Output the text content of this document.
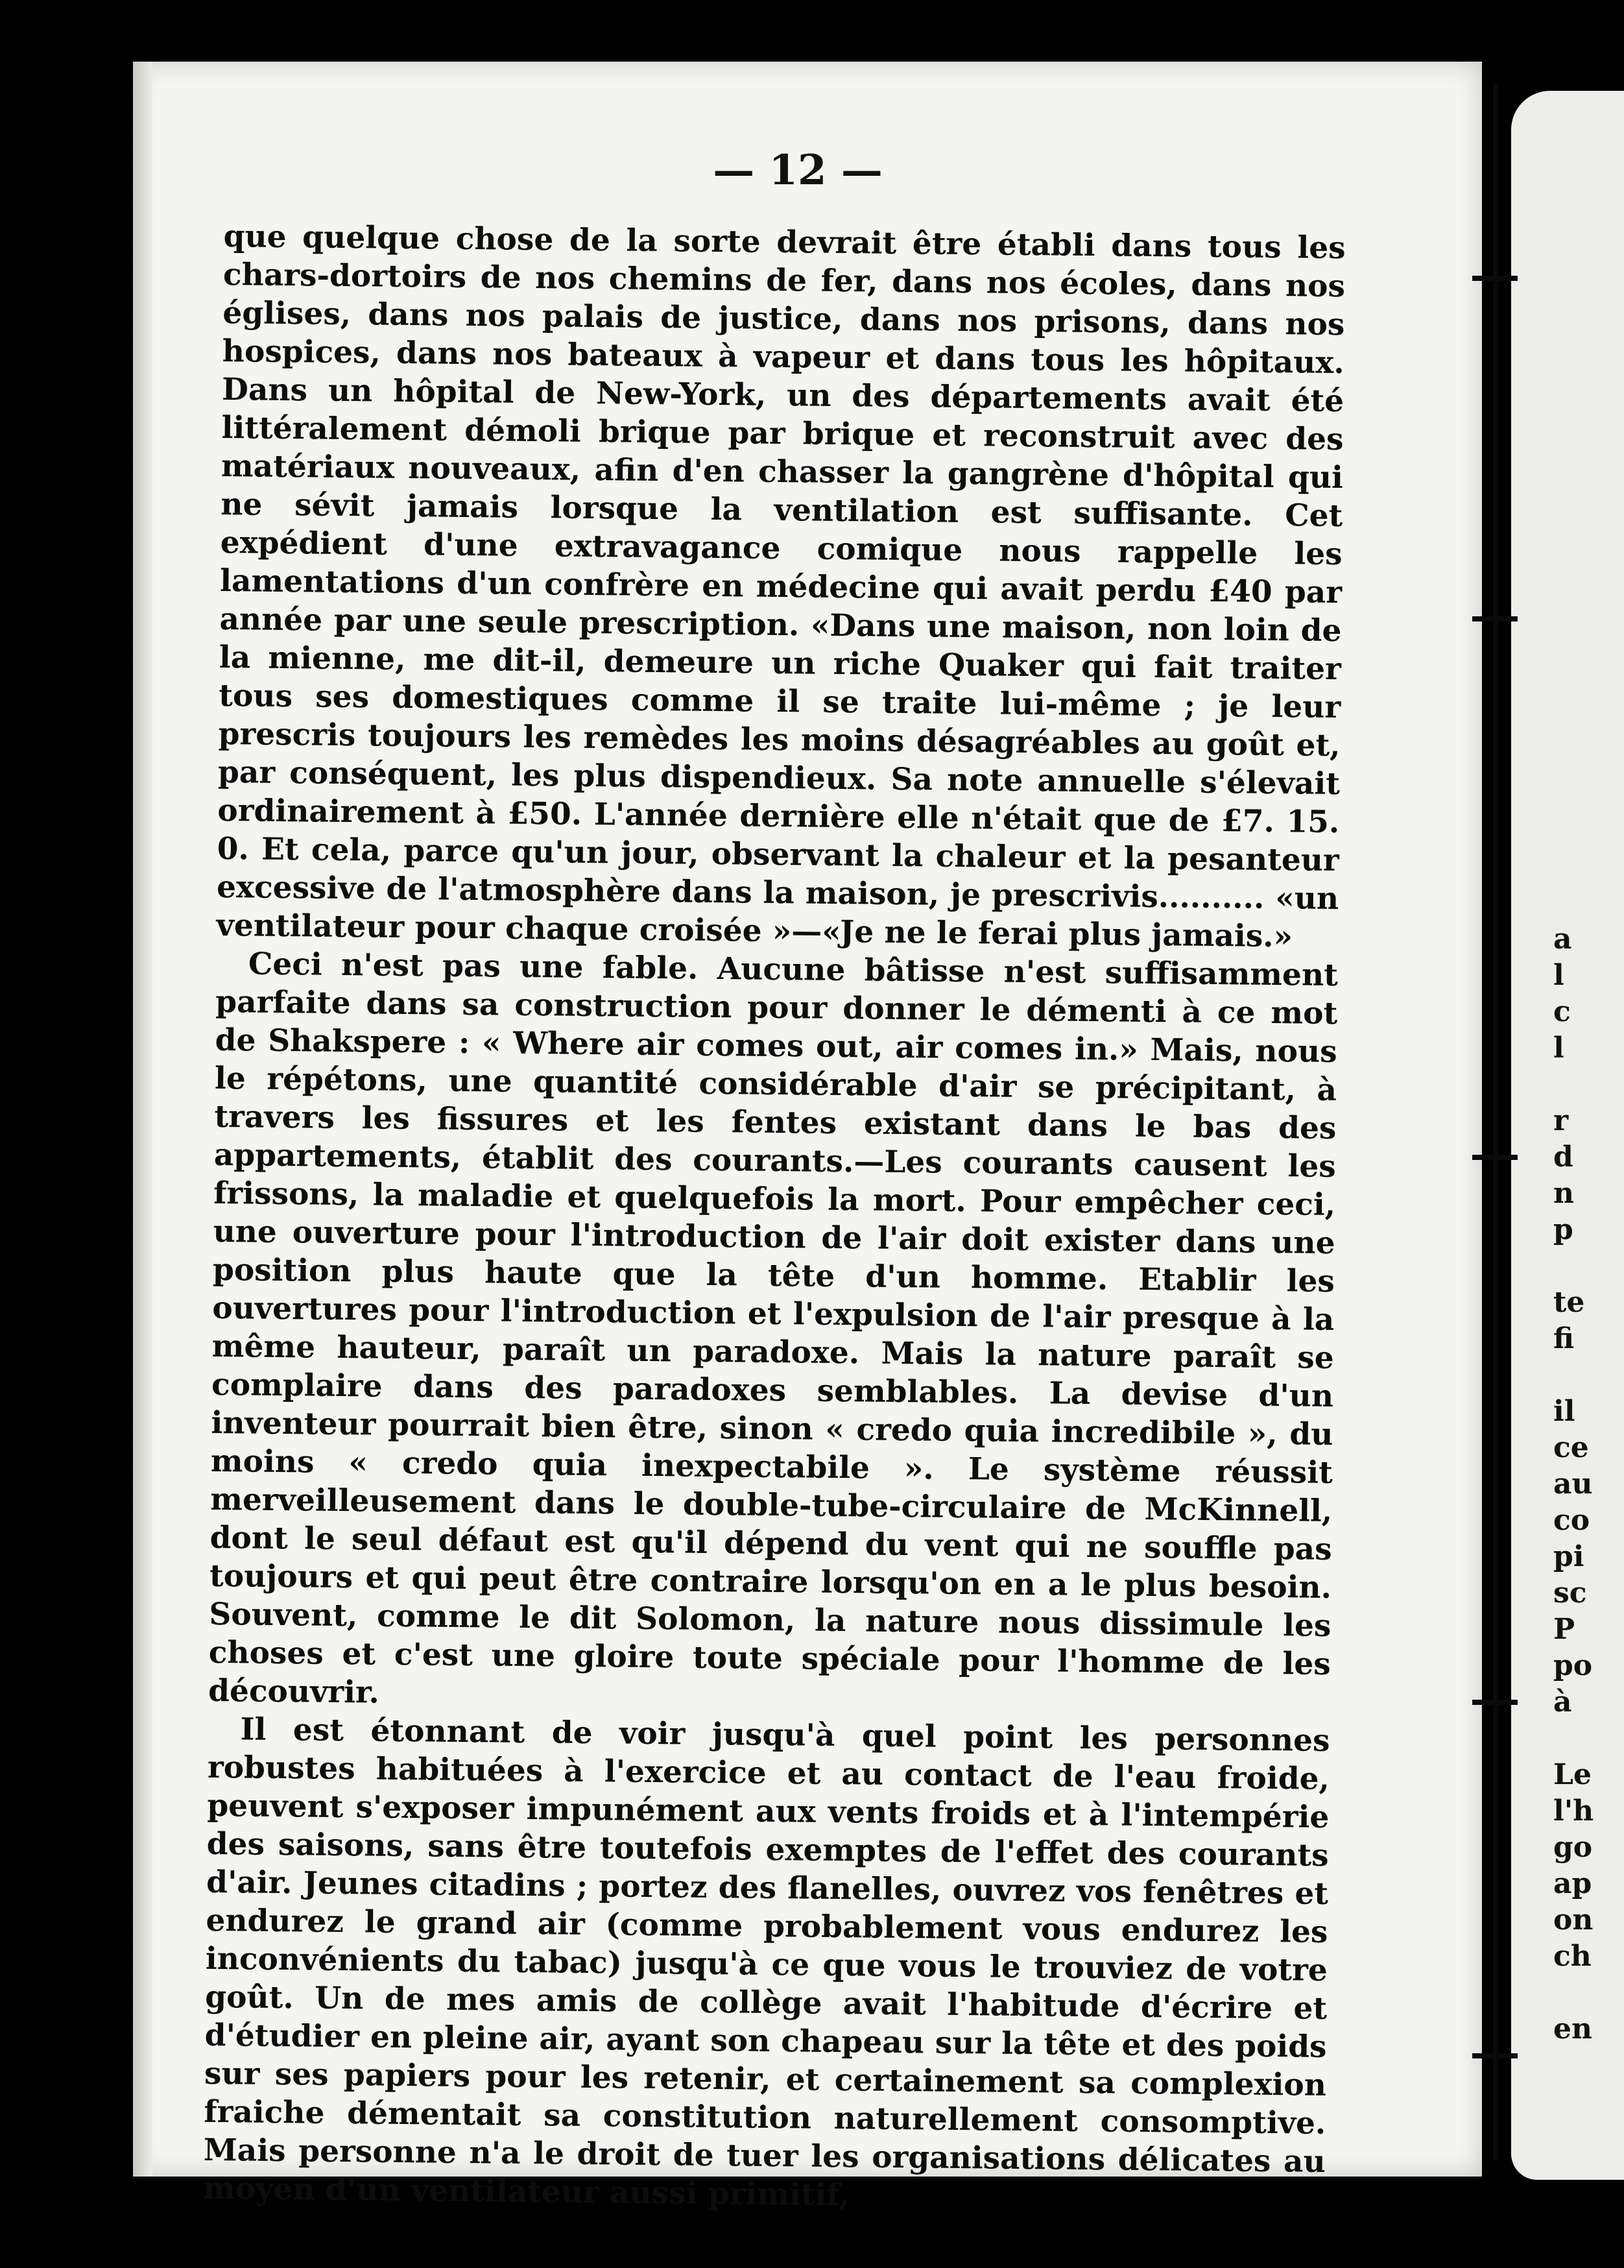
— 12 —

que quelque chose de la sorte devrait être établi dans tous les chars-dortoirs de nos chemins de fer, dans nos écoles, dans nos églises, dans nos palais de justice, dans nos prisons, dans nos hospices, dans nos bateaux à vapeur et dans tous les hôpitaux. Dans un hôpital de New-York, un des départements avait été littéralement démoli brique par brique et reconstruit avec des matériaux nouveaux, afin d'en chasser la gangrène d'hôpital qui ne sévit jamais lorsque la ventilation est suffisante. Cet expédient d'une extravagance comique nous rappelle les lamentations d'un confrère en médecine qui avait perdu £40 par année par une seule prescription. «Dans une maison, non loin de la mienne, me dit-il, demeure un riche Quaker qui fait traiter tous ses domestiques comme il se traite lui-même ; je leur prescris toujours les remèdes les moins désagréables au goût et, par conséquent, les plus dispendieux. Sa note annuelle s'élevait ordinairement à £50. L'année dernière elle n'était que de £7. 15. 0. Et cela, parce qu'un jour, observant la chaleur et la pesanteur excessive de l'atmosphère dans la maison, je prescrivis.......... «un ventilateur pour chaque croisée »—«Je ne le ferai plus jamais.»

Ceci n'est pas une fable. Aucune bâtisse n'est suffisamment parfaite dans sa construction pour donner le démenti à ce mot de Shakspere : « Where air comes out, air comes in.» Mais, nous le répétons, une quantité considérable d'air se précipitant, à travers les fissures et les fentes existant dans le bas des appartements, établit des courants.—Les courants causent les frissons, la maladie et quelquefois la mort. Pour empêcher ceci, une ouverture pour l'introduction de l'air doit exister dans une position plus haute que la tête d'un homme. Etablir les ouvertures pour l'introduction et l'expulsion de l'air presque à la même hauteur, paraît un paradoxe. Mais la nature paraît se complaire dans des paradoxes semblables. La devise d'un inventeur pourrait bien être, sinon « credo quia incredibile », du moins « credo quia inexpectabile ». Le système réussit merveilleusement dans le double-tube-circulaire de McKinnell, dont le seul défaut est qu'il dépend du vent qui ne souffle pas toujours et qui peut être contraire lorsqu'on en a le plus besoin. Souvent, comme le dit Solomon, la nature nous dissimule les choses et c'est une gloire toute spéciale pour l'homme de les découvrir.

Il est étonnant de voir jusqu'à quel point les personnes robustes habituées à l'exercice et au contact de l'eau froide, peuvent s'exposer impunément aux vents froids et à l'intempérie des saisons, sans être toutefois exemptes de l'effet des courants d'air. Jeunes citadins ; portez des flanelles, ouvrez vos fenêtres et endurez le grand air (comme probablement vous endurez les inconvénients du tabac) jusqu'à ce que vous le trouviez de votre goût. Un de mes amis de collège avait l'habitude d'écrire et d'étudier en pleine air, ayant son chapeau sur la tête et des poids sur ses papiers pour les retenir, et certainement sa complexion fraiche démentait sa constitution naturellement consomptive. Mais personne n'a le droit de tuer les organisations délicates au moyen d'un ventilateur aussi primitif,

a
l
c
l

r
d
n
p

te
fi

il
ce
au
co
pi
sc
P
po
à

Le
l'h
go
ap
on
ch

en
